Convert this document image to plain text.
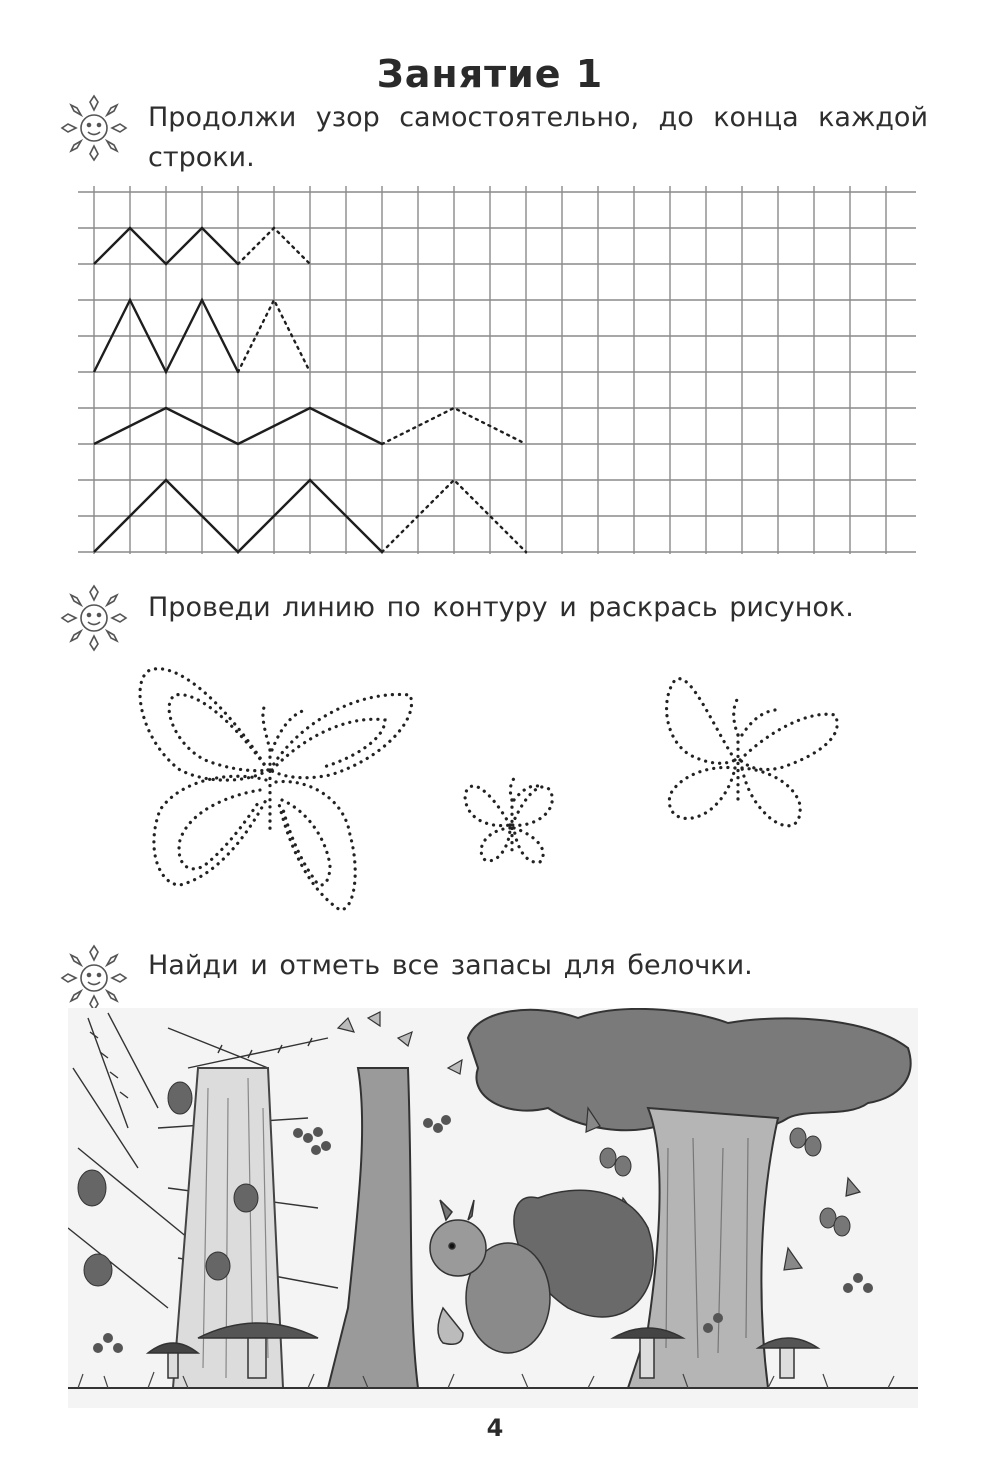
Занятие 1
Продолжи узор самостоятельно, до конца каждой строки.
Проведи линию по контуру и раскрась рисунок.
Найди и отметь все запасы для белочки.
4
